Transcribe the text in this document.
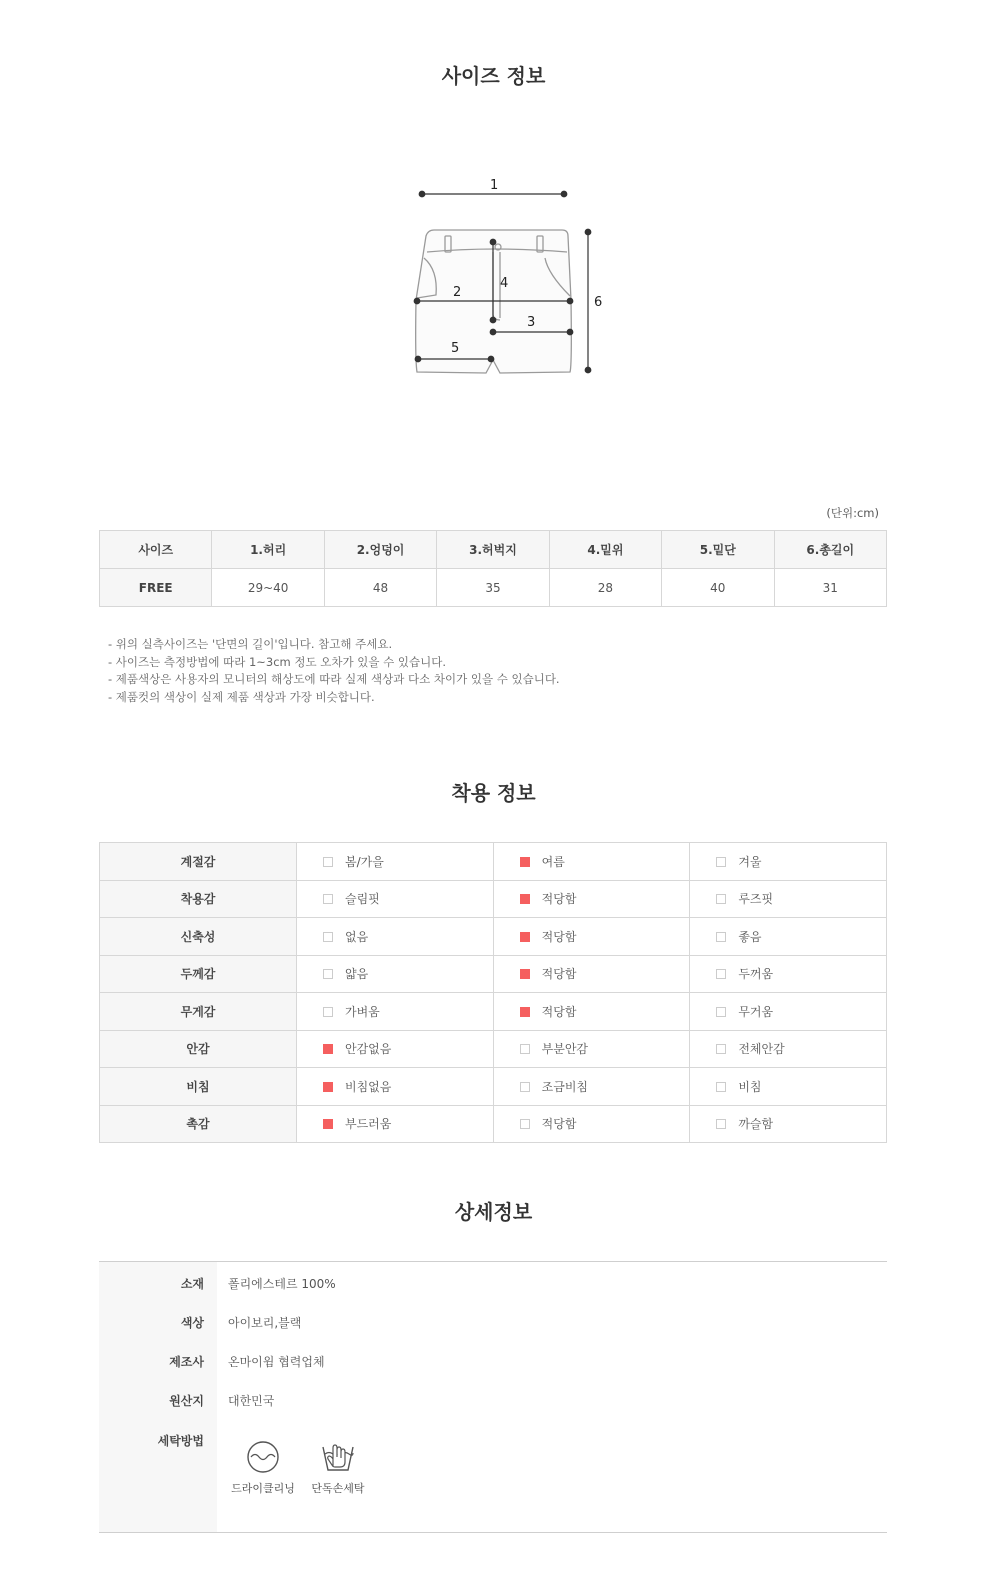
사이즈 정보
1
2
3
4
5
6
(단위:cm)
사이즈	1.허리	2.엉덩이	3.허벅지	4.밑위	5.밑단	6.총길이
FREE	29~40	48	35	28	40	31
- 위의 실측사이즈는 '단면의 길이'입니다. 참고해 주세요.
- 사이즈는 측정방법에 따라 1~3cm 정도 오차가 있을 수 있습니다.
- 제품색상은 사용자의 모니터의 해상도에 따라 실제 색상과 다소 차이가 있을 수 있습니다.
- 제품컷의 색상이 실제 제품 색상과 가장 비슷합니다.
착용 정보
계절감	봄/가을	여름	겨울
착용감	슬림핏	적당함	루즈핏
신축성	없음	적당함	좋음
두께감	얇음	적당함	두꺼움
무게감	가벼움	적당함	무거움
안감	안감없음	부분안감	전체안감
비침	비침없음	조금비침	비침
촉감	부드러움	적당함	까슬함
상세정보
소재 폴리에스테르 100%
색상 아이보리,블랙
제조사 온마이윔 협력업체
원산지 대한민국
세탁방법
드라이클리닝	단독손세탁
